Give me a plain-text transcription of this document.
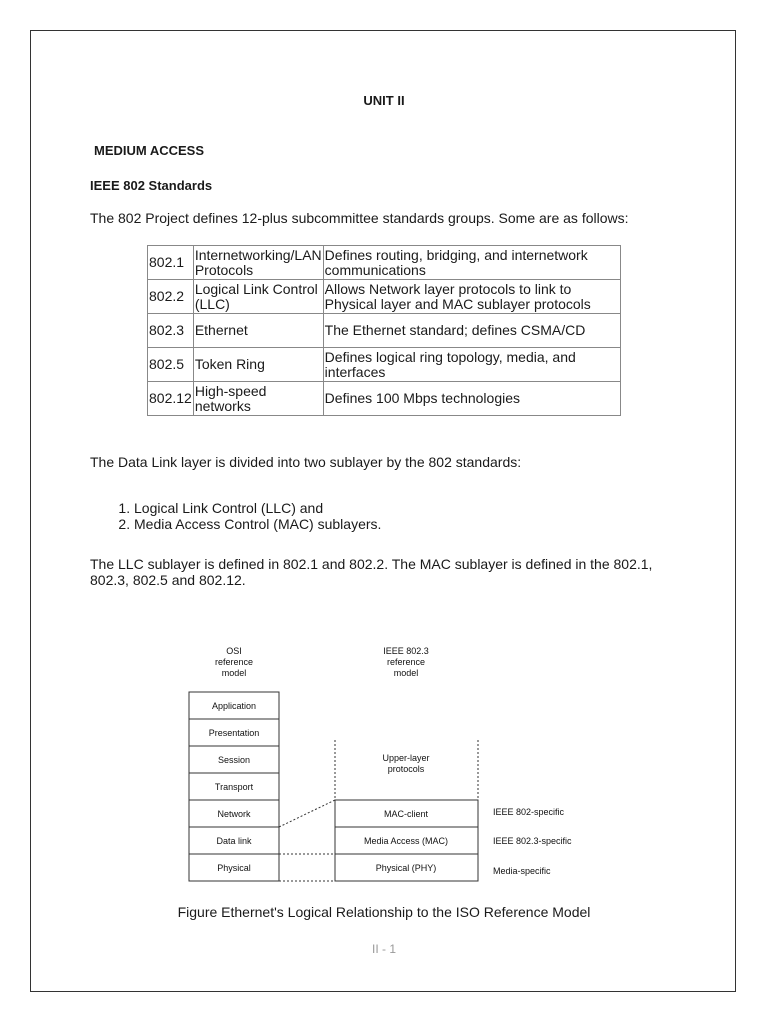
UNIT II
MEDIUM ACCESS
IEEE 802 Standards
The 802 Project defines 12-plus subcommittee standards groups. Some are as follows:
802.1	Internetworking/LAN Protocols	Defines routing, bridging, and internetwork communications
802.2	Logical Link Control (LLC)	Allows Network layer protocols to link to Physical layer and MAC sublayer protocols
802.3	Ethernet	The Ethernet standard; defines CSMA/CD
802.5	Token Ring	Defines logical ring topology, media, and interfaces
802.12	High-speed networks	Defines 100 Mbps technologies
The Data Link layer is divided into two sublayer by the 802 standards:
1. Logical Link Control (LLC) and
2. Media Access Control (MAC) sublayers.
The LLC sublayer is defined in 802.1 and 802.2. The MAC sublayer is defined in the 802.1, 802.3, 802.5 and 802.12.
OSI
reference
model
IEEE 802.3
reference
model
Application
Presentation
Session
Transport
Network
Data link
Physical
Upper-layer
protocols
MAC-client
Media Access (MAC)
Physical (PHY)
IEEE 802-specific
IEEE 802.3-specific
Media-specific
Figure Ethernet's Logical Relationship to the ISO Reference Model
II - 1
